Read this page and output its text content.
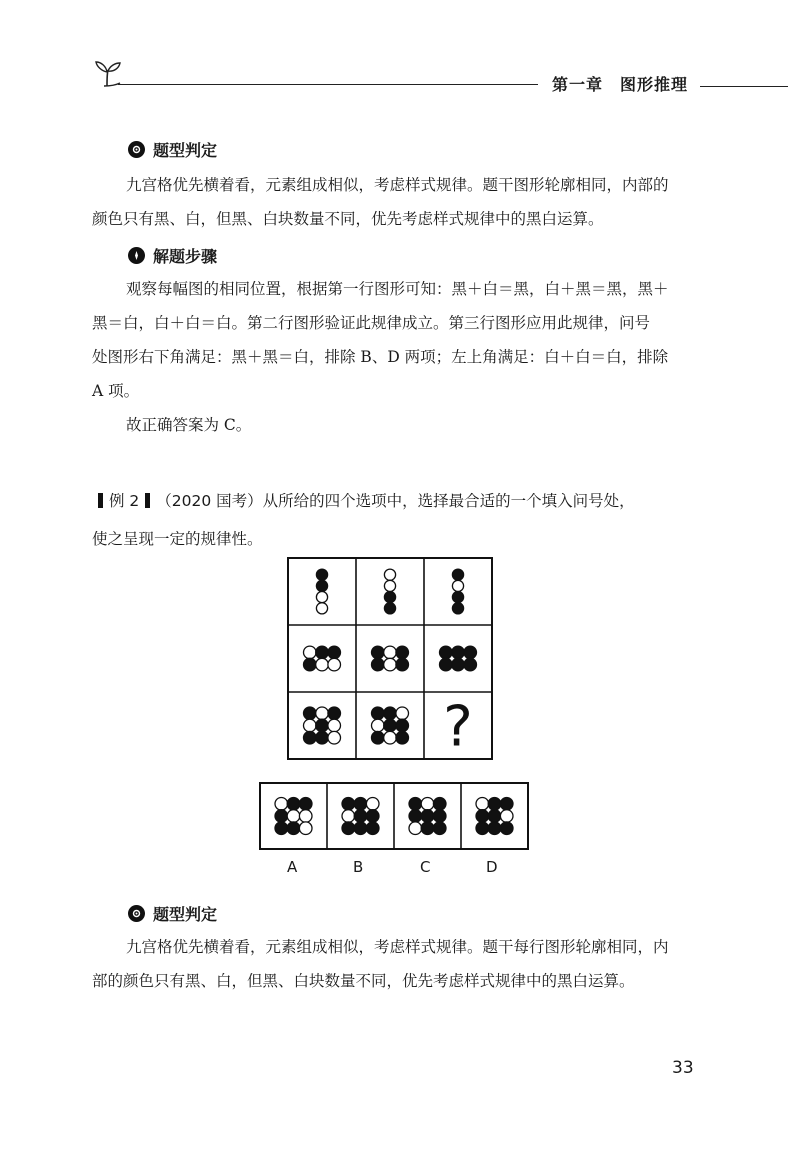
第一章　图形推理
题型判定
九宫格优先横着看，元素组成相似，考虑样式规律。题干图形轮廓相同，内部的
颜色只有黑、白，但黑、白块数量不同，优先考虑样式规律中的黑白运算。
解题步骤
观察每幅图的相同位置，根据第一行图形可知：黑＋白＝黑，白＋黑＝黑，黑＋
黑＝白，白＋白＝白。第二行图形验证此规律成立。第三行图形应用此规律，问号
处图形右下角满足：黑＋黑＝白，排除 B、D 两项；左上角满足：白＋白＝白，排除
A 项。
故正确答案为 C。
例 2 （2020 国考）从所给的四个选项中，选择最合适的一个填入问号处，
使之呈现一定的规律性。
?
A	B	C	D
题型判定
九宫格优先横着看，元素组成相似，考虑样式规律。题干每行图形轮廓相同，内
部的颜色只有黑、白，但黑、白块数量不同，优先考虑样式规律中的黑白运算。
33
